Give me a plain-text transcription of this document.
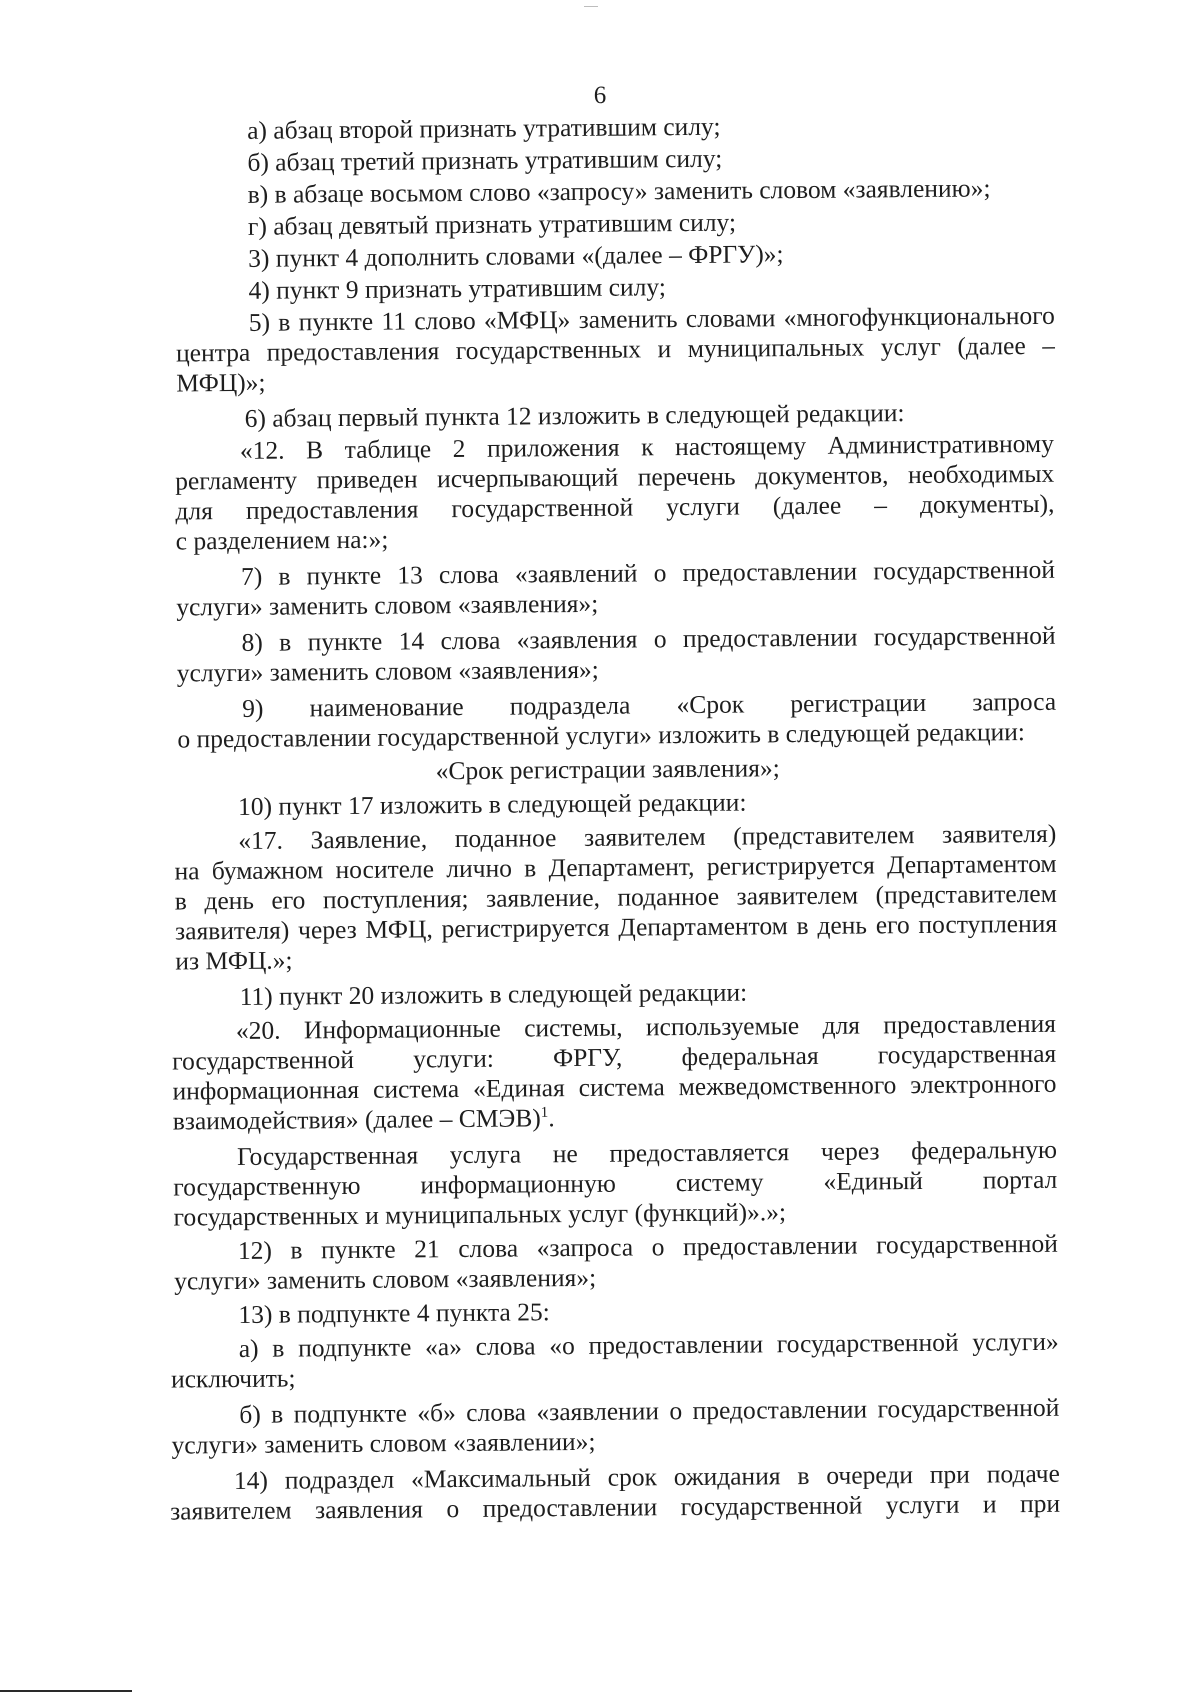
6
а) абзац второй признать утратившим силу;
б) абзац третий признать утратившим силу;
в) в абзаце восьмом слово «запросу» заменить словом «заявлению»;
г) абзац девятый признать утратившим силу;
3) пункт 4 дополнить словами «(далее – ФРГУ)»;
4) пункт 9 признать утратившим силу;
5) в пункте 11 слово «МФЦ» заменить словами «многофункционального
центра предоставления государственных и муниципальных услуг (далее –
МФЦ)»;
6) абзац первый пункта 12 изложить в следующей редакции:
«12. В таблице 2 приложения к настоящему Административному
регламенту приведен исчерпывающий перечень документов, необходимых
для предоставления государственной услуги (далее – документы),
с разделением на:»;
7) в пункте 13 слова «заявлений о предоставлении государственной
услуги» заменить словом «заявления»;
8) в пункте 14 слова «заявления о предоставлении государственной
услуги» заменить словом «заявления»;
9) наименование подраздела «Срок регистрации запроса
о предоставлении государственной услуги» изложить в следующей редакции:
«Срок регистрации заявления»;
10) пункт 17 изложить в следующей редакции:
«17. Заявление, поданное заявителем (представителем заявителя)
на бумажном носителе лично в Департамент, регистрируется Департаментом
в день его поступления; заявление, поданное заявителем (представителем
заявителя) через МФЦ, регистрируется Департаментом в день его поступления
из МФЦ.»;
11) пункт 20 изложить в следующей редакции:
«20. Информационные системы, используемые для предоставления
государственной услуги: ФРГУ, федеральная государственная
информационная система «Единая система межведомственного электронного
взаимодействия» (далее – СМЭВ)$^1$.
Государственная услуга не предоставляется через федеральную
государственную информационную систему «Единый портал
государственных и муниципальных услуг (функций)».»;
12) в пункте 21 слова «запроса о предоставлении государственной
услуги» заменить словом «заявления»;
13) в подпункте 4 пункта 25:
а) в подпункте «а» слова «о предоставлении государственной услуги»
исключить;
б) в подпункте «б» слова «заявлении о предоставлении государственной
услуги» заменить словом «заявлении»;
14) подраздел «Максимальный срок ожидания в очереди при подаче
заявителем заявления о предоставлении государственной услуги и при
